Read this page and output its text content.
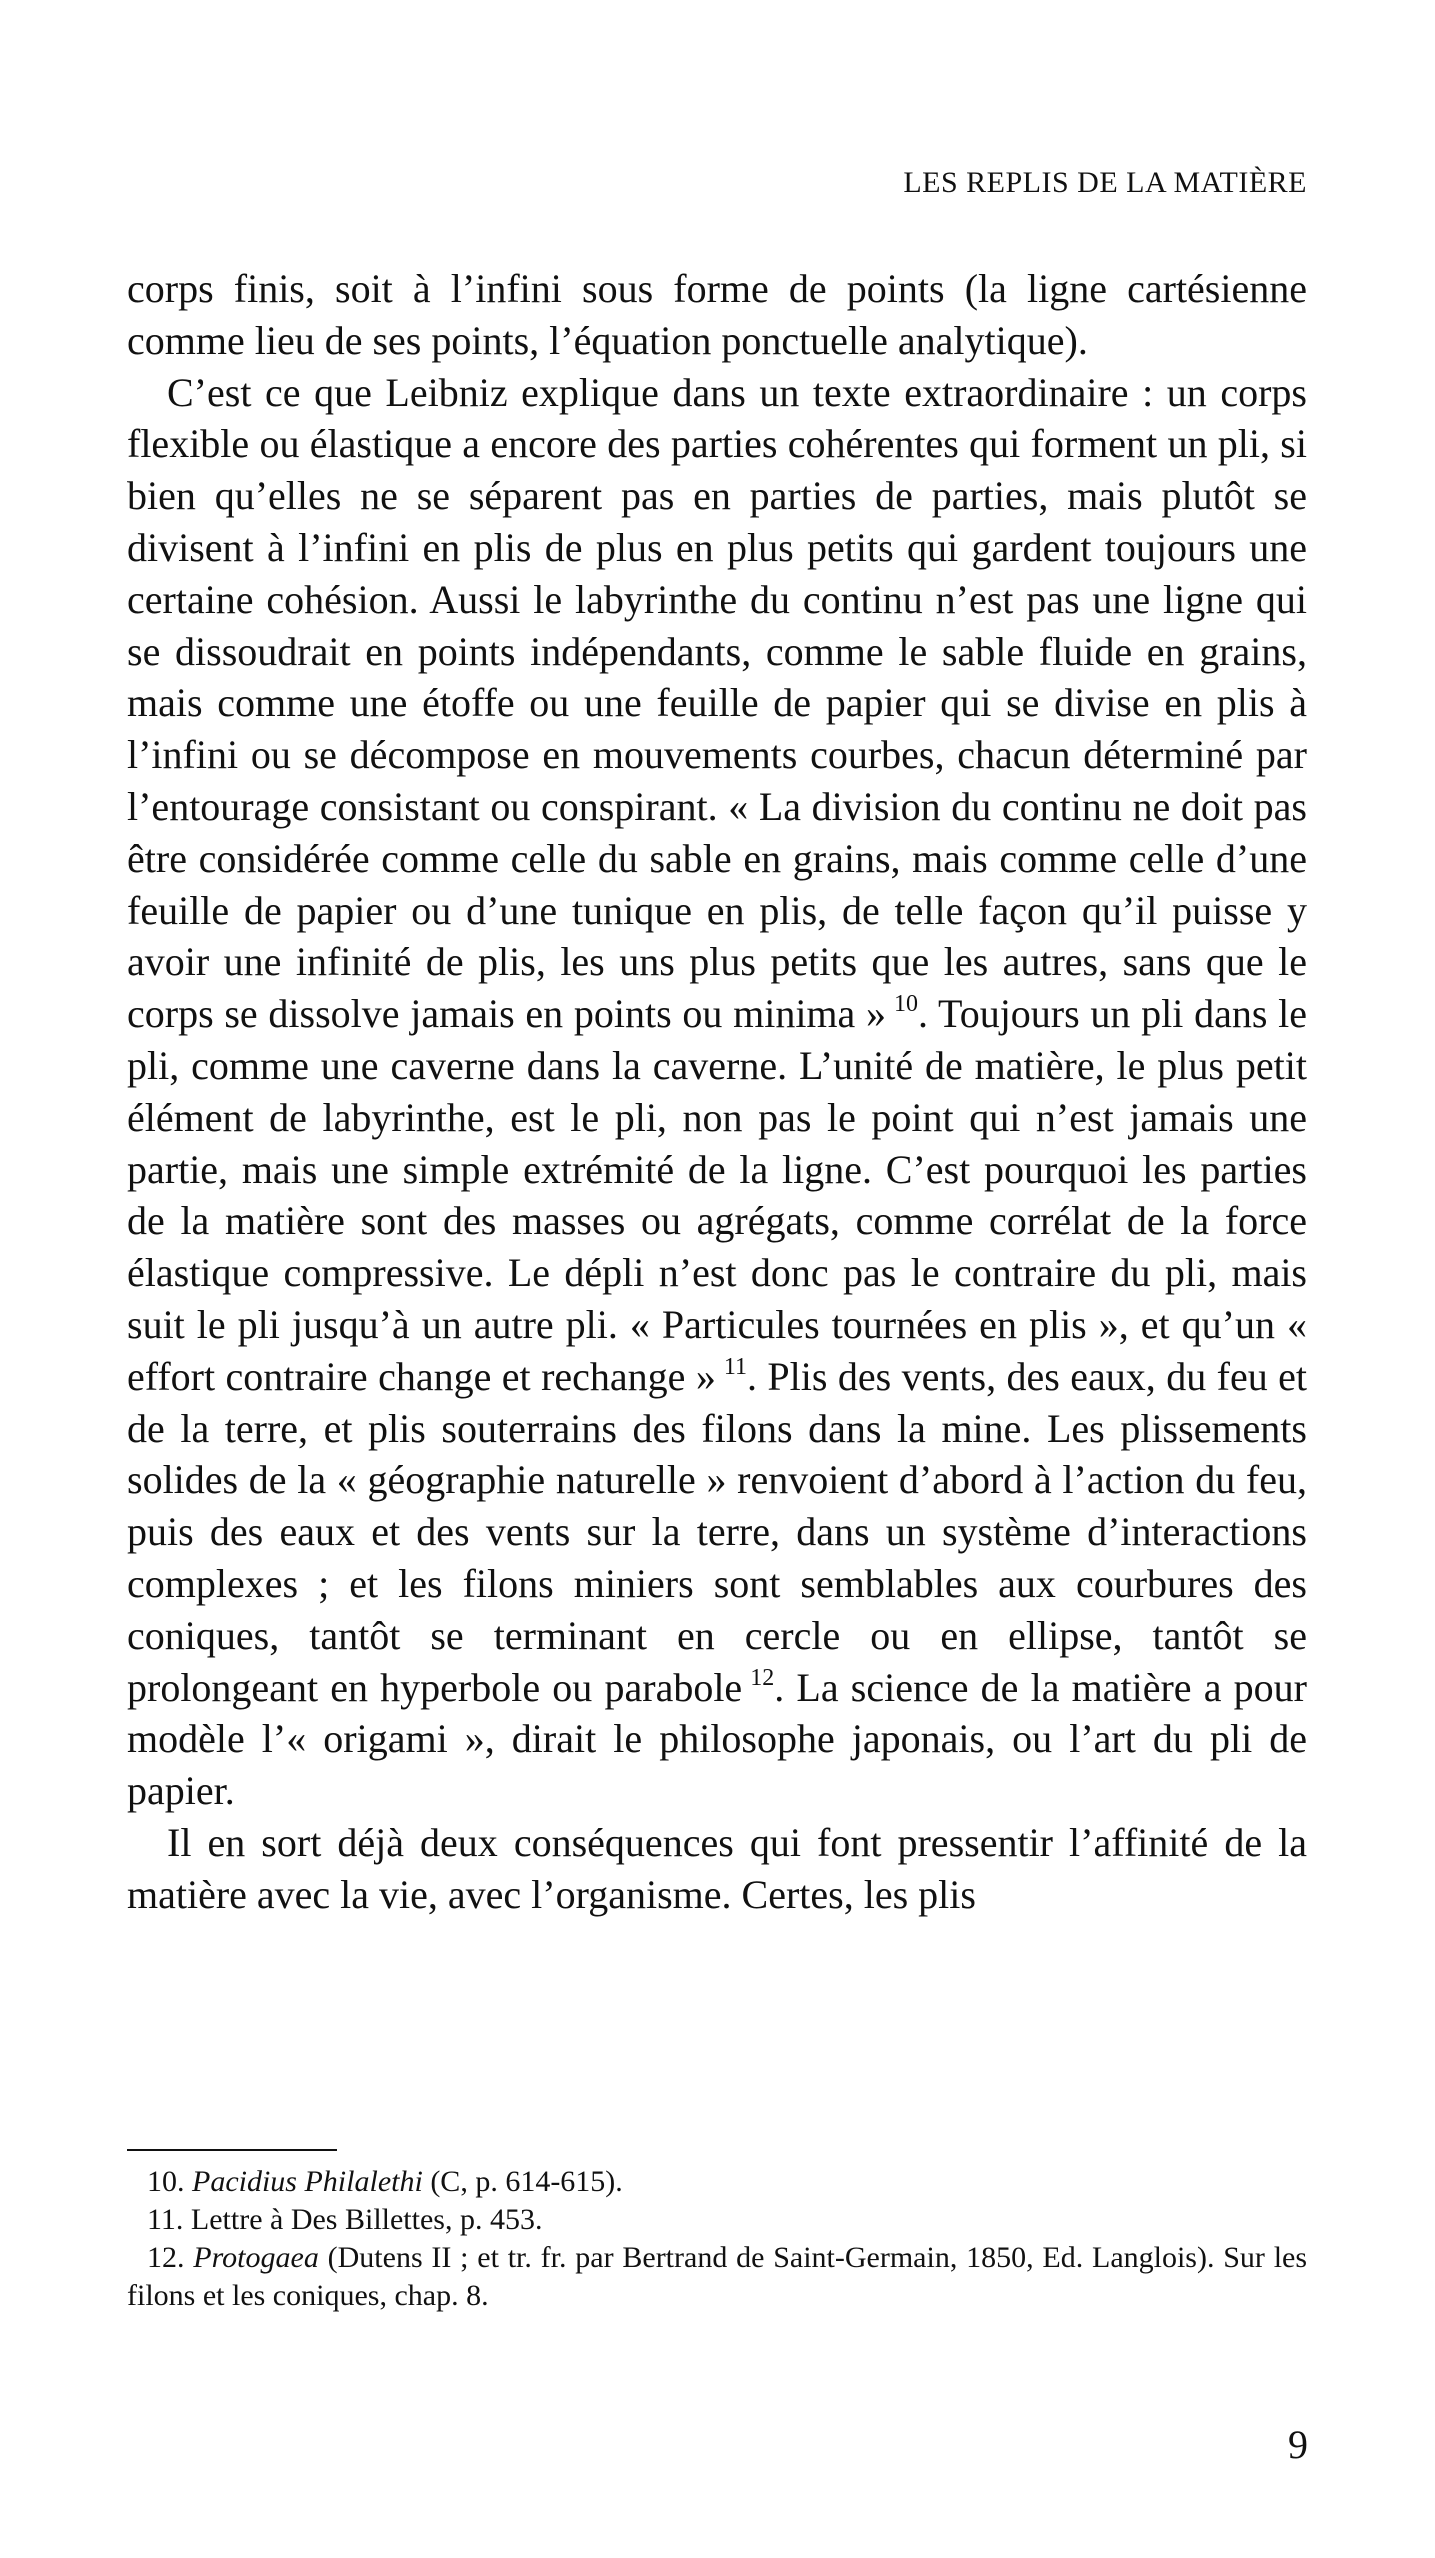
LES REPLIS DE LA MATIÈRE

corps finis, soit à l’infini sous forme de points (la ligne cartésienne comme lieu de ses points, l’équation ponctuelle analytique).

C’est ce que Leibniz explique dans un texte extraordinaire : un corps flexible ou élastique a encore des parties cohérentes qui forment un pli, si bien qu’elles ne se séparent pas en parties de parties, mais plutôt se divisent à l’infini en plis de plus en plus petits qui gardent toujours une certaine cohésion. Aussi le labyrinthe du continu n’est pas une ligne qui se dissoudrait en points indépendants, comme le sable fluide en grains, mais comme une étoffe ou une feuille de papier qui se divise en plis à l’infini ou se décompose en mouvements courbes, chacun déterminé par l’entourage consistant ou conspirant. « La division du continu ne doit pas être considérée comme celle du sable en grains, mais comme celle d’une feuille de papier ou d’une tunique en plis, de telle façon qu’il puisse y avoir une infinité de plis, les uns plus petits que les autres, sans que le corps se dissolve jamais en points ou minima »  $^{10}$. Toujours un pli dans le pli, comme une caverne dans la caverne. L’unité de matière, le plus petit élément de labyrinthe, est le pli, non pas le point qui n’est jamais une partie, mais une simple extrémité de la ligne. C’est pourquoi les parties de la matière sont des masses ou agrégats, comme corrélat de la force élastique compressive. Le dépli n’est donc pas le contraire du pli, mais suit le pli jusqu’à un autre pli. « Particules tournées en plis », et qu’un « effort contraire change et rechange »  $^{11}$. Plis des vents, des eaux, du feu et de la terre, et plis souterrains des filons dans la mine. Les plissements solides de la « géographie naturelle » renvoient d’abord à l’action du feu, puis des eaux et des vents sur la terre, dans un système d’interactions complexes ; et les filons miniers sont semblables aux courbures des coniques, tantôt se terminant en cercle ou en ellipse, tantôt se prolongeant en hyperbole ou parabole  $^{12}$. La science de la matière a pour modèle l’« origami », dirait le philosophe japonais, ou l’art du pli de papier.

Il en sort déjà deux conséquences qui font pressentir l’affinité de la matière avec la vie, avec l’organisme. Certes, les plis

10. Pacidius Philalethi (C, p. 614-615).

11. Lettre à Des Billettes, p. 453.

12. Protogaea (Dutens II ; et tr. fr. par Bertrand de Saint-Germain, 1850, Ed. Langlois). Sur les filons et les coniques, chap. 8.

9
